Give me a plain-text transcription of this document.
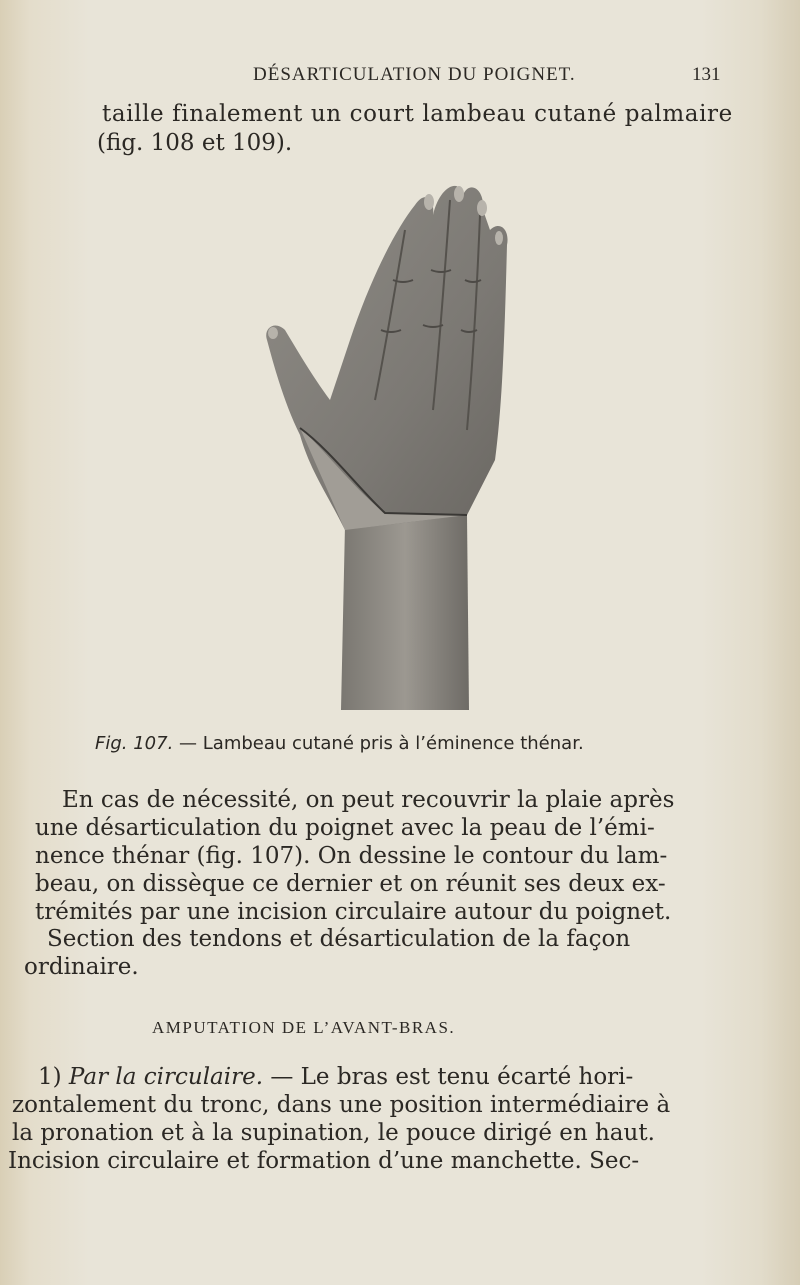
DÉSARTICULATION DU POIGNET.	131
taille finalement un court lambeau cutané palmaire
(fig. 108 et 109).
Fig. 107. — Lambeau cutané pris à l’éminence thénar.
En cas de nécessité, on peut recouvrir la plaie après
une désarticulation du poignet avec la peau de l’émi-
nence thénar (fig. 107). On dessine le contour du lam-
beau, on dissèque ce dernier et on réunit ses deux ex-
trémités par une incision circulaire autour du poignet.
Section des tendons et désarticulation de la façon
ordinaire.
AMPUTATION DE L’AVANT-BRAS.
1) Par la circulaire. — Le bras est tenu écarté hori-
zontalement du tronc, dans une position intermédiaire à
la pronation et à la supination, le pouce dirigé en haut.
Incision circulaire et formation d’une manchette. Sec-
